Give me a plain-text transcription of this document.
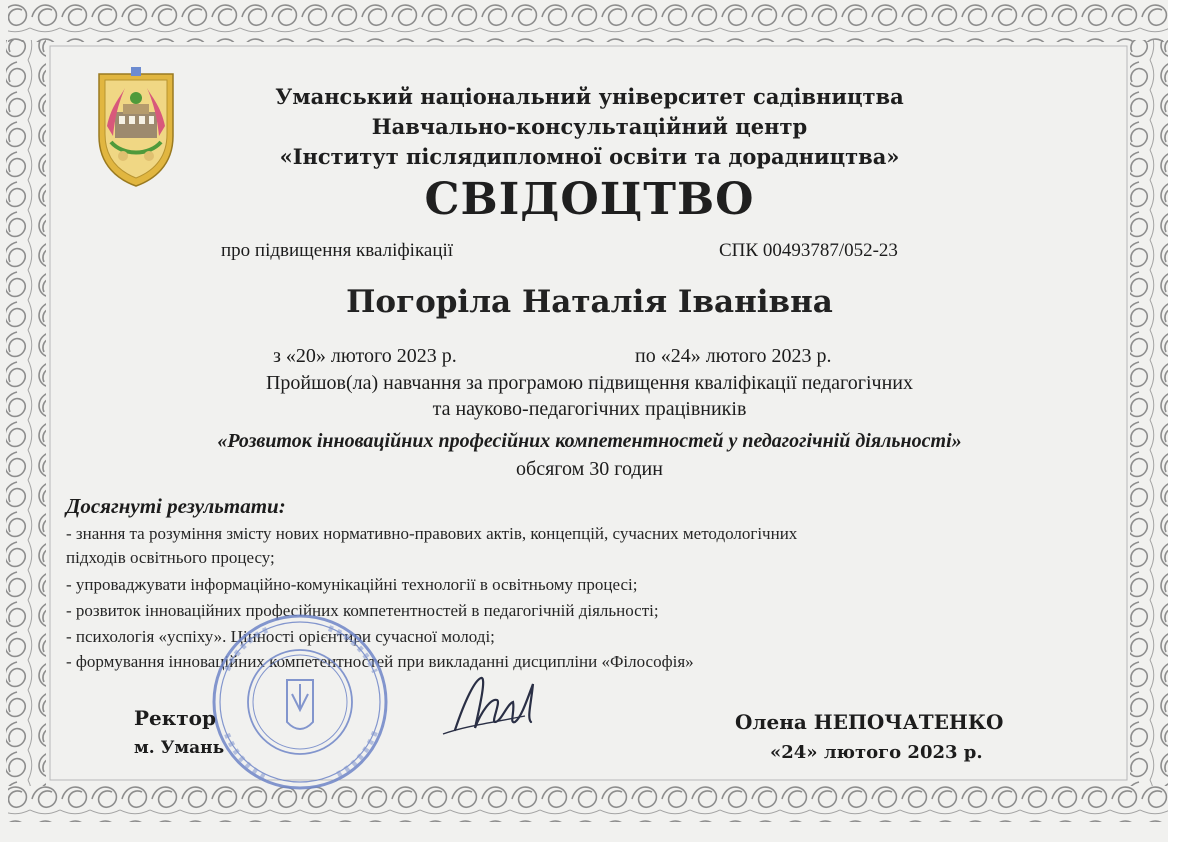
Уманський національний університет садівництва
Навчально-консультаційний центр
«Інститут післядипломної освіти та дорадництва»
СВІДОЦТВО
про підвищення кваліфікації	СПК 00493787/052-23
Погоріла Наталія Іванівна
з «20» лютого 2023 р.	по «24» лютого 2023 р.
Пройшов(ла) навчання за програмою підвищення кваліфікації педагогічних
та науково-педагогічних працівників
«Розвиток інноваційних професійних компетентностей у педагогічній діяльності»
обсягом 30 годин
Досягнуті результати:
- знання та розуміння змісту нових нормативно-правових актів, концепцій, сучасних методологічних
підходів освітнього процесу;
- упроваджувати інформаційно-комунікаційні технології в освітньому процесі;
- розвиток інноваційних професійних компетентностей в педагогічній діяльності;
- психологія «успіху». Цінності орієнтири сучасної молоді;
- формування інноваційних компетентностей при викладанні дисципліни «Філософія»
Ректор
м. Умань
Олена НЕПОЧАТЕНКО
«24» лютого 2023 р.
